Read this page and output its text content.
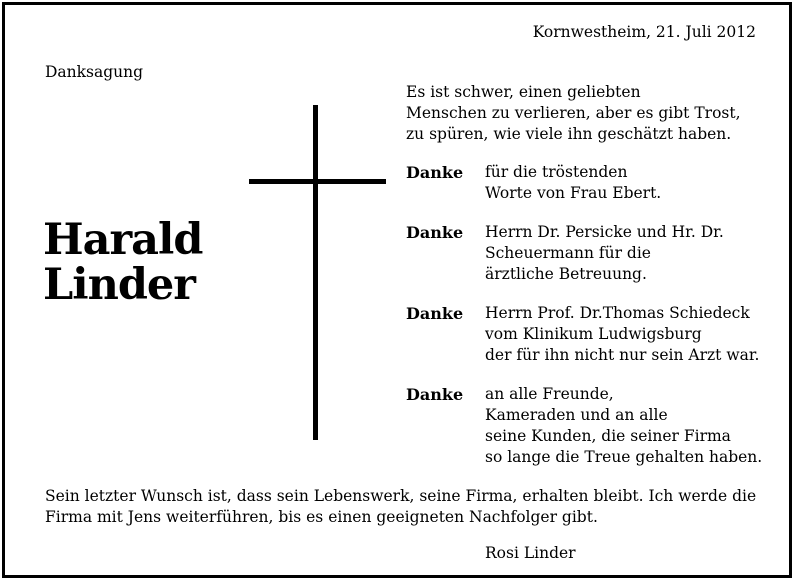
Kornwestheim, 21. Juli 2012
Danksagung
Harald
Linder
Es ist schwer, einen geliebten
Menschen zu verlieren, aber es gibt Trost,
zu spüren, wie viele ihn geschätzt haben.
Danke für die tröstenden
Worte von Frau Ebert.
Danke Herrn Dr. Persicke und Hr. Dr.
Scheuermann für die
ärztliche Betreuung.
Danke Herrn Prof. Dr.Thomas Schiedeck
vom Klinikum Ludwigsburg
der für ihn nicht nur sein Arzt war.
Danke an alle Freunde,
Kameraden und an alle
seine Kunden, die seiner Firma
so lange die Treue gehalten haben.
Sein letzter Wunsch ist, dass sein Lebenswerk, seine Firma, erhalten bleibt. Ich werde die
Firma mit Jens weiterführen, bis es einen geeigneten Nachfolger gibt.
Rosi Linder
